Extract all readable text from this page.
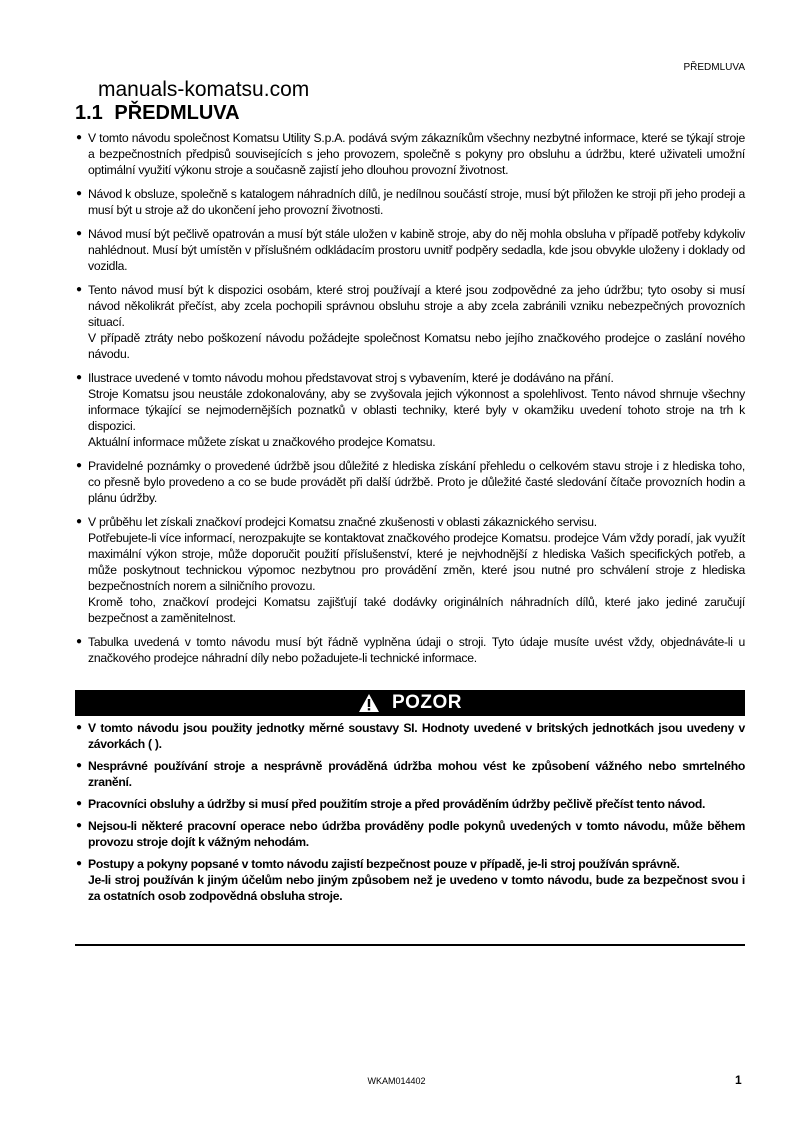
PŘEDMLUVA
manuals-komatsu.com
1.1 PŘEDMLUVA
● V tomto návodu společnost Komatsu Utility S.p.A. podává svým zákazníkům všechny nezbytné informace, které se týkají stroje a bezpečnostních předpisů souvisejících s jeho provozem, společně s pokyny pro obsluhu a údržbu, které uživateli umožní optimální využití výkonu stroje a současně zajistí jeho dlouhou provozní životnost.

● Návod k obsluze, společně s katalogem náhradních dílů, je nedílnou součástí stroje, musí být přiložen ke stroji při jeho prodeji a musí být u stroje až do ukončení jeho provozní životnosti.

● Návod musí být pečlivě opatrován a musí být stále uložen v kabině stroje, aby do něj mohla obsluha v případě potřeby kdykoliv nahlédnout. Musí být umístěn v příslušném odkládacím prostoru uvnitř podpěry sedadla, kde jsou obvykle uloženy i doklady od vozidla.

● Tento návod musí být k dispozici osobám, které stroj používají a které jsou zodpovědné za jeho údržbu; tyto osoby si musí návod několikrát přečíst, aby zcela pochopili správnou obsluhu stroje a aby zcela zabránili vzniku nebezpečných provozních situací.

V případě ztráty nebo poškození návodu požádejte společnost Komatsu nebo jejího značkového prodejce o zaslání nového návodu.

● Ilustrace uvedené v tomto návodu mohou představovat stroj s vybavením, které je dodáváno na přání.

Stroje Komatsu jsou neustále zdokonalovány, aby se zvyšovala jejich výkonnost a spolehlivost. Tento návod shrnuje všechny informace týkající se nejmodernějších poznatků v oblasti techniky, které byly v okamžiku uvedení tohoto stroje na trh k dispozici.

Aktuální informace můžete získat u značkového prodejce Komatsu.

● Pravidelné poznámky o provedené údržbě jsou důležité z hlediska získání přehledu o celkovém stavu stroje i z hlediska toho, co přesně bylo provedeno a co se bude provádět při další údržbě. Proto je důležité časté sledování čítače provozních hodin a plánu údržby.

● V průběhu let získali značkoví prodejci Komatsu značné zkušenosti v oblasti zákaznického servisu.

Potřebujete-li více informací, nerozpakujte se kontaktovat značkového prodejce Komatsu. prodejce Vám vždy poradí, jak využít maximální výkon stroje, může doporučit použití příslušenství, které je nejvhodnější z hlediska Vašich specifických potřeb, a může poskytnout technickou výpomoc nezbytnou pro provádění změn, které jsou nutné pro schválení stroje z hlediska bezpečnostních norem a silničního provozu.

Kromě toho, značkoví prodejci Komatsu zajišťují také dodávky originálních náhradních dílů, které jako jediné zaručují bezpečnost a zaměnitelnost.

● Tabulka uvedená v tomto návodu musí být řádně vyplněna údaji o stroji. Tyto údaje musíte uvést vždy, objednáváte-li u značkového prodejce náhradní díly nebo požadujete-li technické informace.

POZOR
● V tomto návodu jsou použity jednotky měrné soustavy SI. Hodnoty uvedené v britských jednotkách jsou uvedeny v závorkách ( ).

● Nesprávné používání stroje a nesprávně prováděná údržba mohou vést ke způsobení vážného nebo smrtelného zranění.

● Pracovníci obsluhy a údržby si musí před použitím stroje a před prováděním údržby pečlivě přečíst tento návod.

● Nejsou-li některé pracovní operace nebo údržba prováděny podle pokynů uvedených v tomto návodu, může během provozu stroje dojít k vážným nehodám.

● Postupy a pokyny popsané v tomto návodu zajistí bezpečnost pouze v případě, je-li stroj používán správně.

Je-li stroj používán k jiným účelům nebo jiným způsobem než je uvedeno v tomto návodu, bude za bezpečnost svou i za ostatních osob zodpovědná obsluha stroje.

WKAM014402	1
